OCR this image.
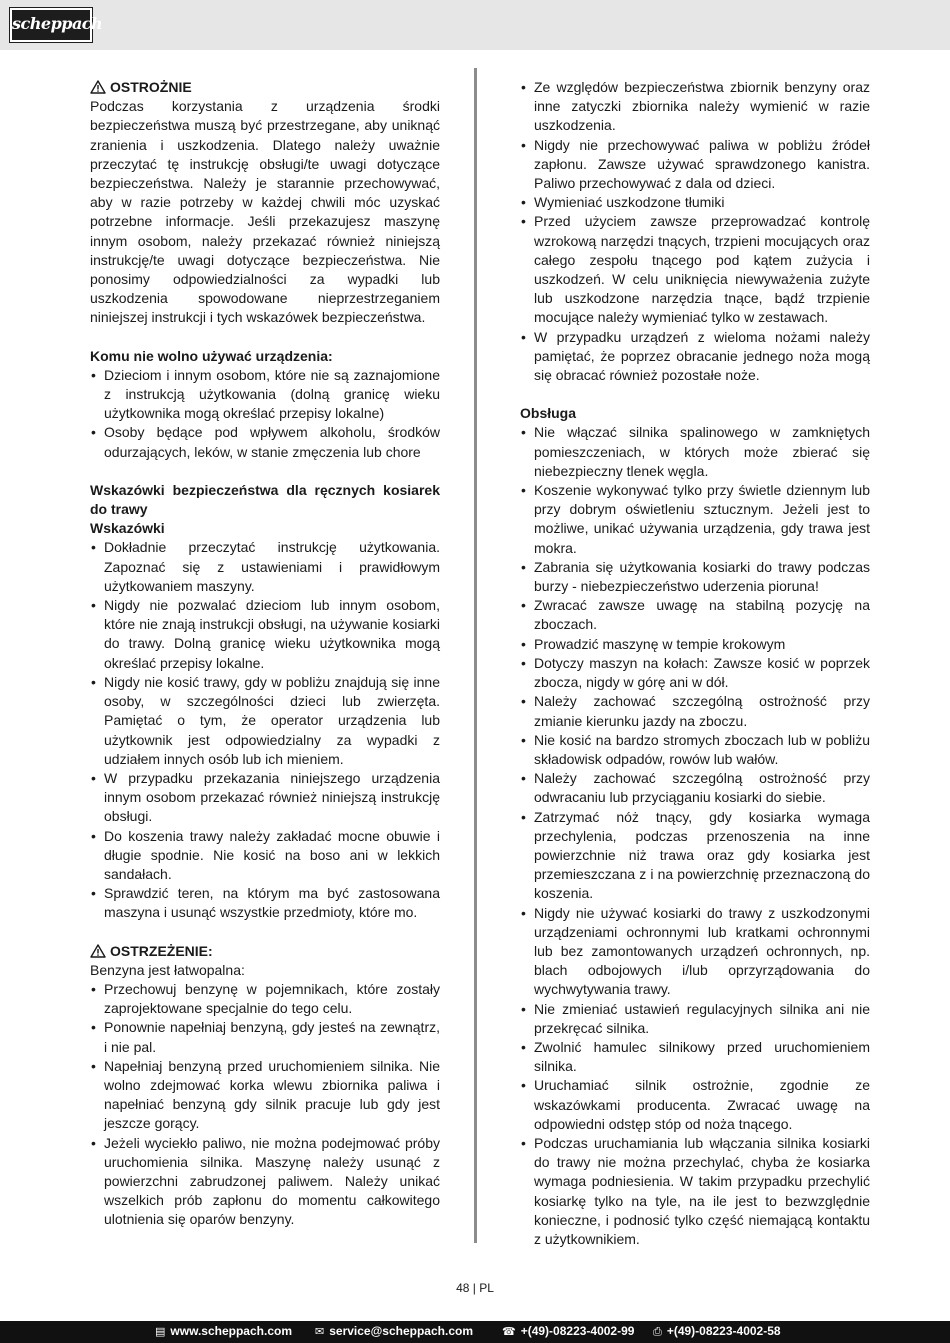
scheppach

OSTROŻNIE

Podczas korzystania z urządzenia środki bezpieczeństwa muszą być przestrzegane, aby uniknąć zranienia i uszkodzenia. Dlatego należy uważnie przeczytać tę instrukcję obsługi/te uwagi dotyczące bezpieczeństwa. Należy je starannie przechowywać, aby w razie potrzeby w każdej chwili móc uzyskać potrzebne informacje. Jeśli przekazujesz maszynę innym osobom, należy przekazać również niniejszą instrukcję/te uwagi dotyczące bezpieczeństwa. Nie ponosimy odpowiedzialności za wypadki lub uszkodzenia spowodowane nieprzestrzeganiem niniejszej instrukcji i tych wskazówek bezpieczeństwa.

Komu nie wolno używać urządzenia:

• Dzieciom i innym osobom, które nie są zaznajomione z instrukcją użytkowania (dolną granicę wieku użytkownika mogą określać przepisy lokalne)
• Osoby będące pod wpływem alkoholu, środków odurzających, leków, w stanie zmęczenia lub chore

Wskazówki bezpieczeństwa dla ręcznych kosiarek do trawy

Wskazówki

• Dokładnie przeczytać instrukcję użytkowania. Zapoznać się z ustawieniami i prawidłowym użytkowaniem maszyny.
• Nigdy nie pozwalać dzieciom lub innym osobom, które nie znają instrukcji obsługi, na używanie kosiarki do trawy. Dolną granicę wieku użytkownika mogą określać przepisy lokalne.
• Nigdy nie kosić trawy, gdy w pobliżu znajdują się inne osoby, w szczególności dzieci lub zwierzęta. Pamiętać o tym, że operator urządzenia lub użytkownik jest odpowiedzialny za wypadki z udziałem innych osób lub ich mieniem.
• W przypadku przekazania niniejszego urządzenia innym osobom przekazać również niniejszą instrukcję obsługi.
• Do koszenia trawy należy zakładać mocne obuwie i długie spodnie. Nie kosić na boso ani w lekkich sandałach.
• Sprawdzić teren, na którym ma być zastosowana maszyna i usunąć wszystkie przedmioty, które mo.

OSTRZEŻENIE:

Benzyna jest łatwopalna:

• Przechowuj benzynę w pojemnikach, które zostały zaprojektowane specjalnie do tego celu.
• Ponownie napełniaj benzyną, gdy jesteś na zewnątrz, i nie pal.
• Napełniaj benzyną przed uruchomieniem silnika. Nie wolno zdejmować korka wlewu zbiornika paliwa i napełniać benzyną gdy silnik pracuje lub gdy jest jeszcze gorący.
• Jeżeli wyciekło paliwo, nie można podejmować próby uruchomienia silnika. Maszynę należy usunąć z powierzchni zabrudzonej paliwem. Należy unikać wszelkich prób zapłonu do momentu całkowitego ulotnienia się oparów benzyny.
• Ze względów bezpieczeństwa zbiornik benzyny oraz inne zatyczki zbiornika należy wymienić w razie uszkodzenia.
• Nigdy nie przechowywać paliwa w pobliżu źródeł zapłonu. Zawsze używać sprawdzonego kanistra. Paliwo przechowywać z dala od dzieci.
• Wymieniać uszkodzone tłumiki
• Przed użyciem zawsze przeprowadzać kontrolę wzrokową narzędzi tnących, trzpieni mocujących oraz całego zespołu tnącego pod kątem zużycia i uszkodzeń. W celu uniknięcia niewyważenia zużyte lub uszkodzone narzędzia tnące, bądź trzpienie mocujące należy wymieniać tylko w zestawach.
• W przypadku urządzeń z wieloma nożami należy pamiętać, że poprzez obracanie jednego noża mogą się obracać również pozostałe noże.

Obsługa

• Nie włączać silnika spalinowego w zamkniętych pomieszczeniach, w których może zbierać się niebezpieczny tlenek węgla.
• Koszenie wykonywać tylko przy świetle dziennym lub przy dobrym oświetleniu sztucznym. Jeżeli jest to możliwe, unikać używania urządzenia, gdy trawa jest mokra.
• Zabrania się użytkowania kosiarki do trawy podczas burzy - niebezpieczeństwo uderzenia pioruna!
• Zwracać zawsze uwagę na stabilną pozycję na zboczach.
• Prowadzić maszynę w tempie krokowym
• Dotyczy maszyn na kołach: Zawsze kosić w poprzek zbocza, nigdy w górę ani w dół.
• Należy zachować szczególną ostrożność przy zmianie kierunku jazdy na zboczu.
• Nie kosić na bardzo stromych zboczach lub w pobliżu składowisk odpadów, rowów lub wałów.
• Należy zachować szczególną ostrożność przy odwracaniu lub przyciąganiu kosiarki do siebie.
• Zatrzymać nóż tnący, gdy kosiarka wymaga przechylenia, podczas przenoszenia na inne powierzchnie niż trawa oraz gdy kosiarka jest przemieszczana z i na powierzchnię przeznaczoną do koszenia.
• Nigdy nie używać kosiarki do trawy z uszkodzonymi urządzeniami ochronnymi lub kratkami ochronnymi lub bez zamontowanych urządzeń ochronnych, np. blach odbojowych i/lub oprzyrządowania do wychwytywania trawy.
• Nie zmieniać ustawień regulacyjnych silnika ani nie przekręcać silnika.
• Zwolnić hamulec silnikowy przed uruchomieniem silnika.
• Uruchamiać silnik ostrożnie, zgodnie ze wskazówkami producenta. Zwracać uwagę na odpowiedni odstęp stóp od noża tnącego.
• Podczas uruchamiania lub włączania silnika kosiarki do trawy nie można przechylać, chyba że kosiarka wymaga podniesienia. W takim przypadku przechylić kosiarkę tylko na tyle, na ile jest to bezwzględnie konieczne, i podnosić tylko część niemającą kontaktu z użytkownikiem.
48 | PL
▤ www.scheppach.com ✉ service@scheppach.com	☎ +(49)-08223-4002-99 ⎙ +(49)-08223-4002-58
